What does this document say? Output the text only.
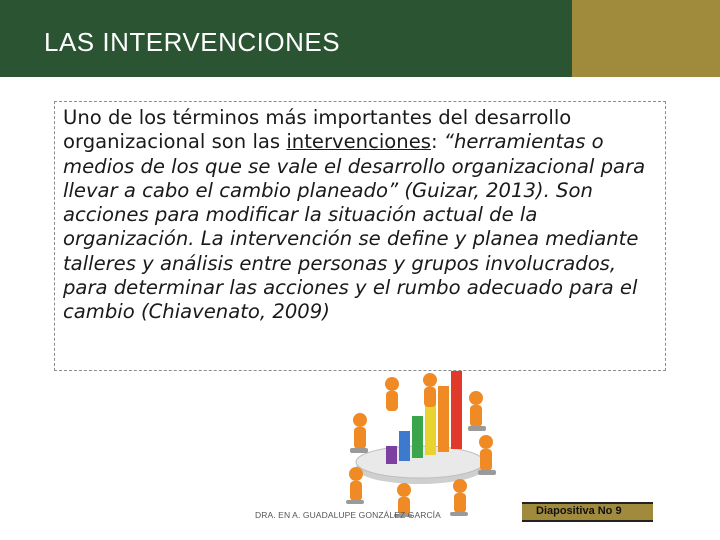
LAS INTERVENCIONES

Uno de los términos más importantes del desarrollo organizacional son las intervenciones: “herramientas o medios de los que se vale el desarrollo organizacional para llevar a cabo el cambio planeado” (Guizar, 2013). Son acciones para modificar la situación actual de la organización. La intervención se define y planea mediante talleres y análisis entre personas y grupos involucrados, para determinar las acciones y el rumbo adecuado para el cambio (Chiavenato, 2009)

DRA. EN A. GUADALUPE GONZÁLEZ GARCÍA	Diapositiva No 9
